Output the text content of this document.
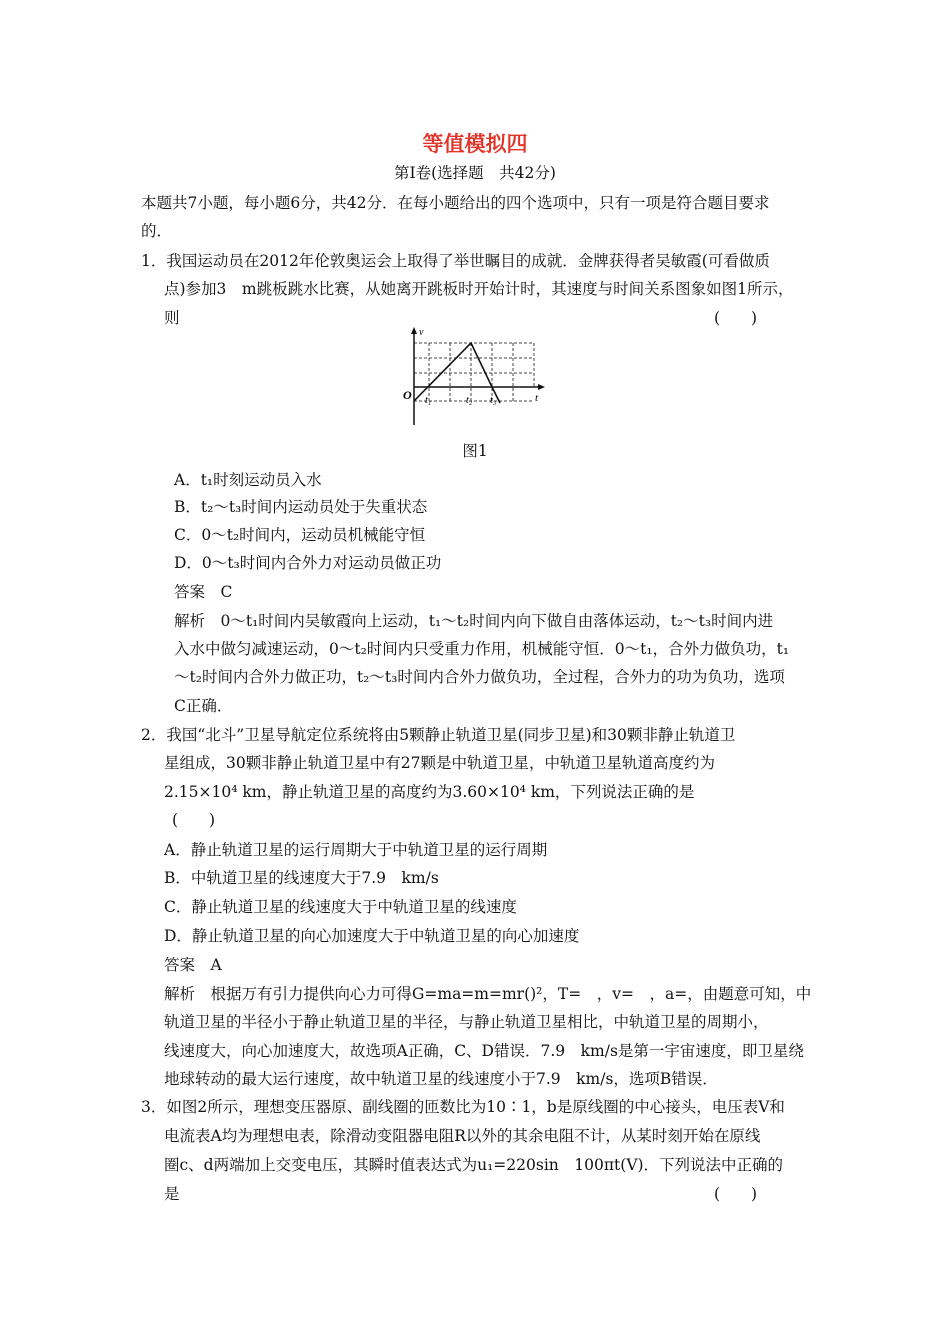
等值模拟四
第Ⅰ卷(选择题　共42分)
本题共7小题，每小题6分，共42分．在每小题给出的四个选项中，只有一项是符合题目要求
的．
1．我国运动员在2012年伦敦奥运会上取得了举世瞩目的成就．金牌获得者吴敏霞(可看做质
点)参加3　m跳板跳水比赛，从她离开跳板时开始计时，其速度与时间关系图象如图1所示，
则	(　　)
v
t
O t₁	t₂ t₃
图1
A．t₁时刻运动员入水
B．t₂～t₃时间内运动员处于失重状态
C．0～t₂时间内，运动员机械能守恒
D．0～t₃时间内合外力对运动员做正功
答案　C
解析　0～t₁时间内吴敏霞向上运动，t₁～t₂时间内向下做自由落体运动，t₂～t₃时间内进
入水中做匀减速运动，0～t₂时间内只受重力作用，机械能守恒．0～t₁，合外力做负功，t₁
～t₂时间内合外力做正功，t₂～t₃时间内合外力做负功，全过程，合外力的功为负功，选项
C正确．
2．我国“北斗”卫星导航定位系统将由5颗静止轨道卫星(同步卫星)和30颗非静止轨道卫
星组成，30颗非静止轨道卫星中有27颗是中轨道卫星，中轨道卫星轨道高度约为
2.15×10⁴ km，静止轨道卫星的高度约为3.60×10⁴ km，下列说法正确的是
(　　)
A．静止轨道卫星的运行周期大于中轨道卫星的运行周期
B．中轨道卫星的线速度大于7.9　km/s
C．静止轨道卫星的线速度大于中轨道卫星的线速度
D．静止轨道卫星的向心加速度大于中轨道卫星的向心加速度
答案　A
解析　根据万有引力提供向心力可得G=ma=m=mr()²，T=　，v=　，a=，由题意可知，中
轨道卫星的半径小于静止轨道卫星的半径，与静止轨道卫星相比，中轨道卫星的周期小，
线速度大，向心加速度大，故选项A正确，C、D错误．7.9　km/s是第一宇宙速度，即卫星绕
地球转动的最大运行速度，故中轨道卫星的线速度小于7.9　km/s，选项B错误．
3．如图2所示，理想变压器原、副线圈的匝数比为10∶1，b是原线圈的中心接头，电压表V和
电流表A均为理想电表，除滑动变阻器电阻R以外的其余电阻不计，从某时刻开始在原线
圈c、d两端加上交变电压，其瞬时值表达式为u₁=220sin　100πt(V)．下列说法中正确的
是	(　　)
